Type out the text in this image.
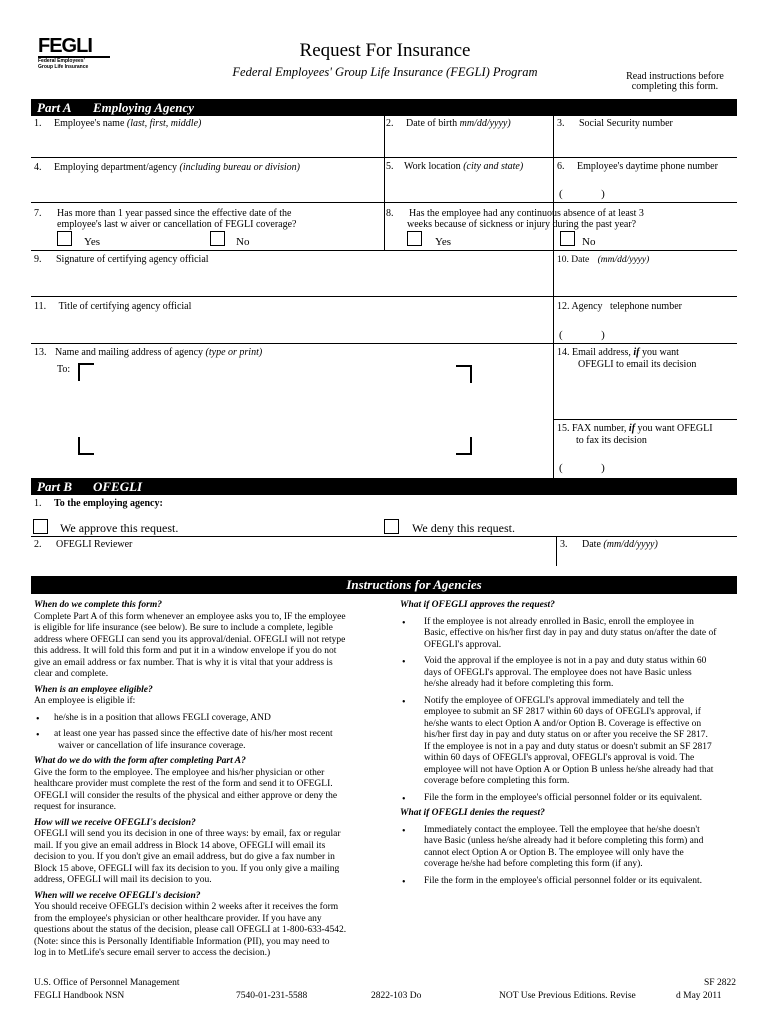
FEGLI
Federal Employees'
Group Life Insurance
Request For Insurance
Federal Employees' Group Life Insurance (FEGLI) Program	Read instructions before
completing this form.
Part A Employing Agency
1. Employee's name (last, first, middle)	2. Date of birth mm/dd/yyyy)	3. Social Security number
4. Employing department/agency (including bureau or division)	5. Work location (city and state)	6. Employee's daytime phone number
(              )
7. Has more than 1 year passed since the effective date of the
employee's last w aiver or cancellation of FEGLI coverage?
Yes	No
8. Has the employee had any continuous absence of at least 3
weeks because of sickness or injury during the past year?
Yes	No
9. Signature of certifying agency official	10. Date (mm/dd/yyyy)
11. Title of certifying agency official	12. Agency   telephone number
(              )
13. Name and mailing address of agency (type or print)
To:
14. Email address, if you want
OFEGLI to email its decision
15. FAX number, if you want OFEGLI
to fax its decision
(              )
Part B OFEGLI
1. To the employing agency:
We approve this request.	We deny this request.
2. OFEGLI Reviewer	3. Date (mm/dd/yyyy)
Instructions for Agencies
When do we complete this form?
Complete Part A of this form whenever an employee asks you to, IF the employee
is eligible for life insurance (see below). Be sure to include a complete, legible
address where OFEGLI can send you its approval/denial. OFEGLI will not retype
this address. It will fold this form and put it in a window envelope if you do not
give an email address or fax number. That is why it is vital that your address is
clear and complete.
When is an employee eligible?
An employee is eligible if:
• he/she is in a position that allows FEGLI coverage, AND
• at least one year has passed since the effective date of his/her most recent
waiver or cancellation of life insurance coverage.
What do we do with the form after completing Part A?
Give the form to the employee. The employee and his/her physician or other
healthcare provider must complete the rest of the form and send it to OFEGLI.
OFEGLI will consider the results of the physical and either approve or deny the
request for insurance.
How will we receive OFEGLI's decision?
OFEGLI will send you its decision in one of three ways: by email, fax or regular
mail. If you give an email address in Block 14 above, OFEGLI will email its
decision to you. If you don't give an email address, but do give a fax number in
Block 15 above, OFEGLI will fax its decision to you. If you only give a mailing
address, OFEGLI will mail its decision to you.
When will we receive OFEGLI's decision?
You should receive OFEGLI's decision within 2 weeks after it receives the form
from the employee's physician or other healthcare provider. If you have any
questions about the status of the decision, please call OFEGLI at 1-800-633-4542.
(Note: since this is Personally Identifiable Information (PII), you may need to
log in to MetLife's secure email server to access the decision.)
What if OFEGLI approves the request?
• If the employee is not already enrolled in Basic, enroll the employee in
Basic, effective on his/her first day in pay and duty status on/after the date of
OFEGLI's approval.
• Void the approval if the employee is not in a pay and duty status within 60
days of OFEGLI's approval. The employee does not have Basic unless
he/she already had it before completing this form.
• Notify the employee of OFEGLI's approval immediately and tell the
employee to submit an SF 2817 within 60 days of OFEGLI's approval, if
he/she wants to elect Option A and/or Option B. Coverage is effective on
his/her first day in pay and duty status on or after you receive the SF 2817.
If the employee is not in a pay and duty status or doesn't submit an SF 2817
within 60 days of OFEGLI's approval, OFEGLI's approval is void. The
employee will not have Option A or Option B unless he/she already had that
coverage before completing this form.
• File the form in the employee's official personnel folder or its equivalent.
What if OFEGLI denies the request?
• Immediately contact the employee. Tell the employee that he/she doesn't
have Basic (unless he/she already had it before completing this form) and
cannot elect Option A or Option B. The employee will only have the
coverage he/she had before completing this form (if any).
• File the form in the employee's official personnel folder or its equivalent.
U.S. Office of Personnel Management
FEGLI Handbook NSN	7540-01-231-5588	2822-103 Do	NOT Use Previous Editions. Revise
SF 2822
d May 2011
